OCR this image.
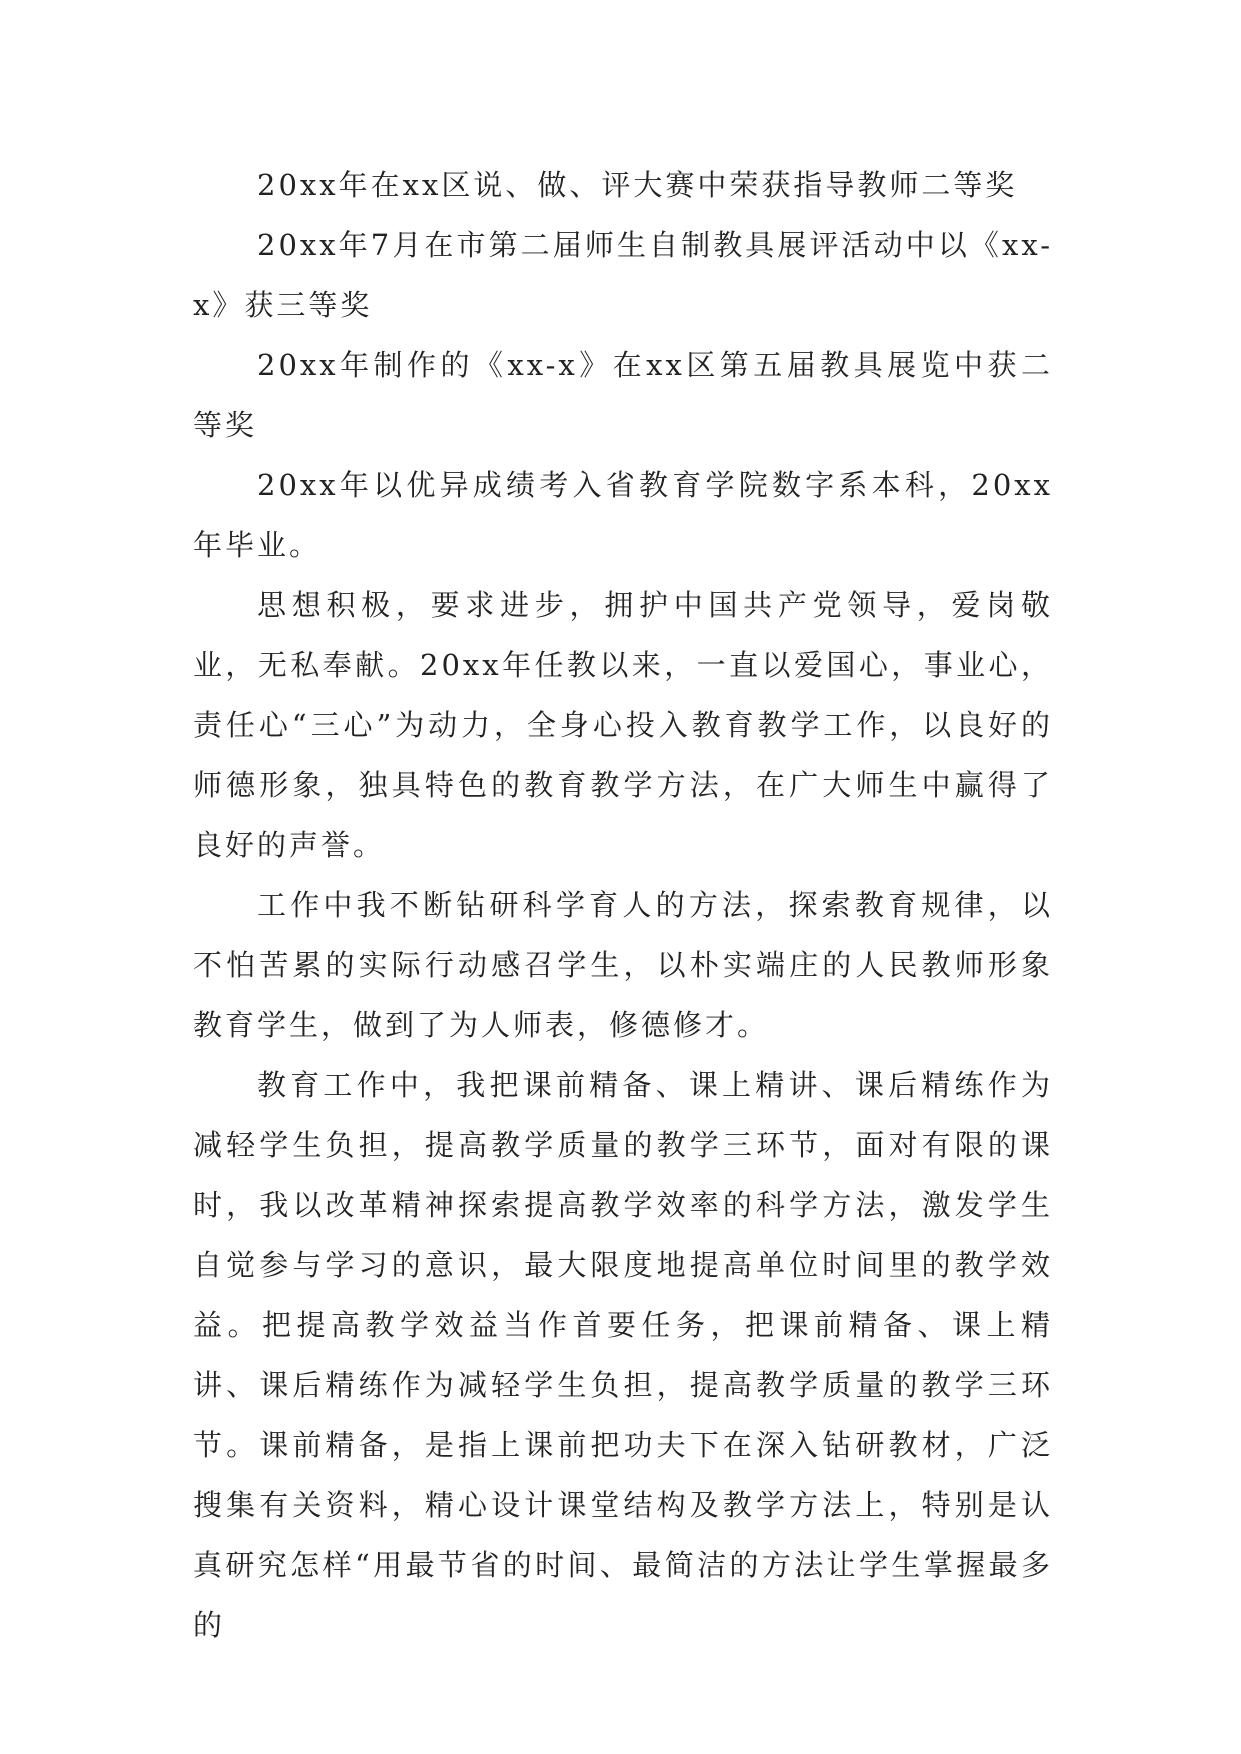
20xx年在xx区说、做、评大赛中荣获指导教师二等奖

20xx年7月在市第二届师生自制教具展评活动中以《xx-x》获三等奖

20xx年制作的《xx-x》在xx区第五届教具展览中获二等奖

20xx年以优异成绩考入省教育学院数字系本科，20xx年毕业。

思想积极，要求进步，拥护中国共产党领导，爱岗敬业，无私奉献。20xx年任教以来，一直以爱国心，事业心，责任心“三心”为动力，全身心投入教育教学工作，以良好的师德形象，独具特色的教育教学方法，在广大师生中赢得了良好的声誉。

工作中我不断钻研科学育人的方法，探索教育规律，以不怕苦累的实际行动感召学生，以朴实端庄的人民教师形象教育学生，做到了为人师表，修德修才。

教育工作中，我把课前精备、课上精讲、课后精练作为减轻学生负担，提高教学质量的教学三环节，面对有限的课时，我以改革精神探索提高教学效率的科学方法，激发学生自觉参与学习的意识，最大限度地提高单位时间里的教学效益。把提高教学效益当作首要任务，把课前精备、课上精讲、课后精练作为减轻学生负担，提高教学质量的教学三环节。课前精备，是指上课前把功夫下在深入钻研教材，广泛搜集有关资料，精心设计课堂结构及教学方法上，特别是认真研究怎样“用最节省的时间、最简洁的方法让学生掌握最多的
